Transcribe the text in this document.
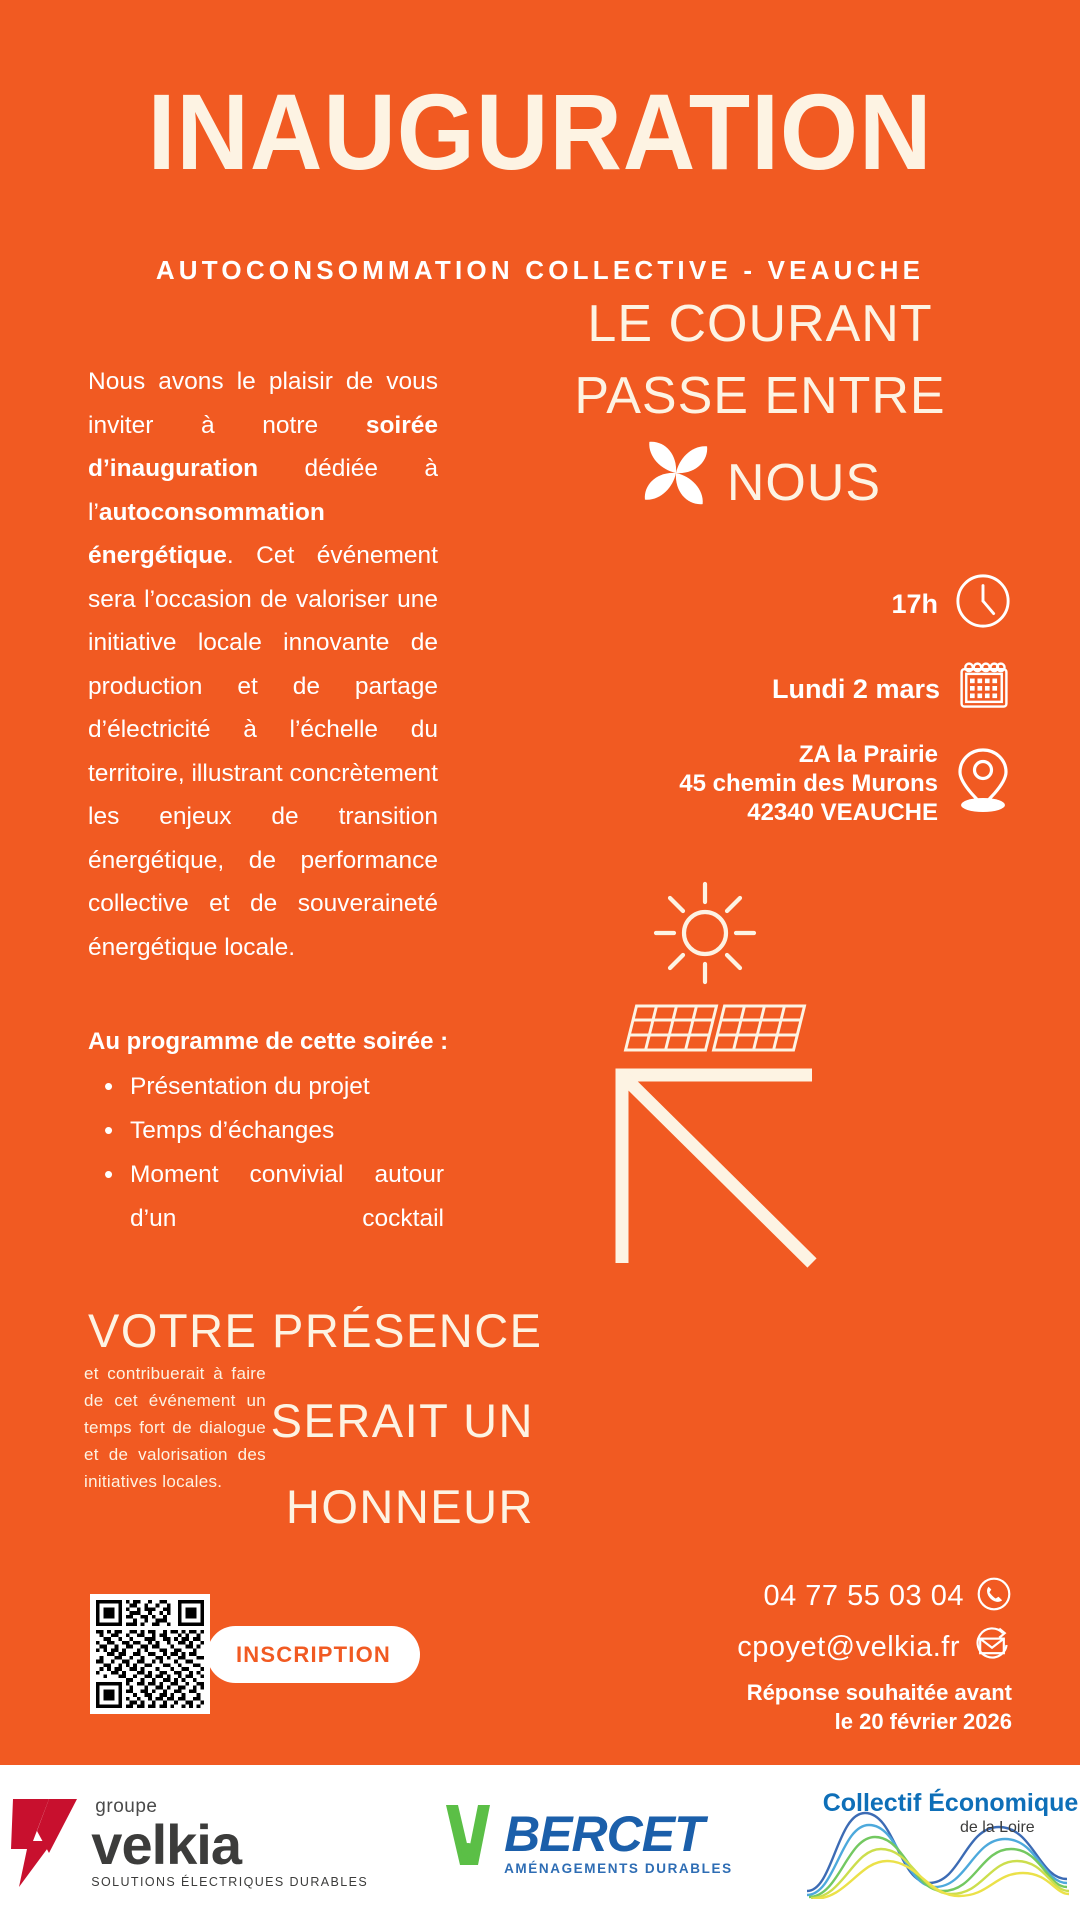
INAUGURATION
AUTOCONSOMMATION COLLECTIVE - VEAUCHE
Nous avons le plaisir de vous inviter à notre soirée d’inauguration dédiée à l’autoconsommation énergétique. Cet événement sera l’occasion de valoriser une initiative locale innovante de production et de partage d’électricité à l’échelle du territoire, illustrant concrètement les enjeux de transition énergétique, de performance collective et de souveraineté énergétique locale.
Au programme de cette soirée :
• Présentation du projet
• Temps d’échanges
• Moment convivial autour d’un cocktail
VOTRE PRÉSENCE
SERAIT UN
HONNEUR
et contribuerait à faire de cet événement un temps fort de dialogue et de valorisation des initiatives locales.
INSCRIPTION
LE COURANT
PASSE ENTRE
NOUS
17h
Lundi 2 mars
ZA la Prairie
45 chemin des Murons
42340 VEAUCHE
04 77 55 03 04
cpoyet@velkia.fr
Réponse souhaitée avant
le 20 février 2026
groupe
velkia
SOLUTIONS ÉLECTRIQUES DURABLES
BERCET
AMÉNAGEMENTS DURABLES
Collectif Économique
de la Loire
